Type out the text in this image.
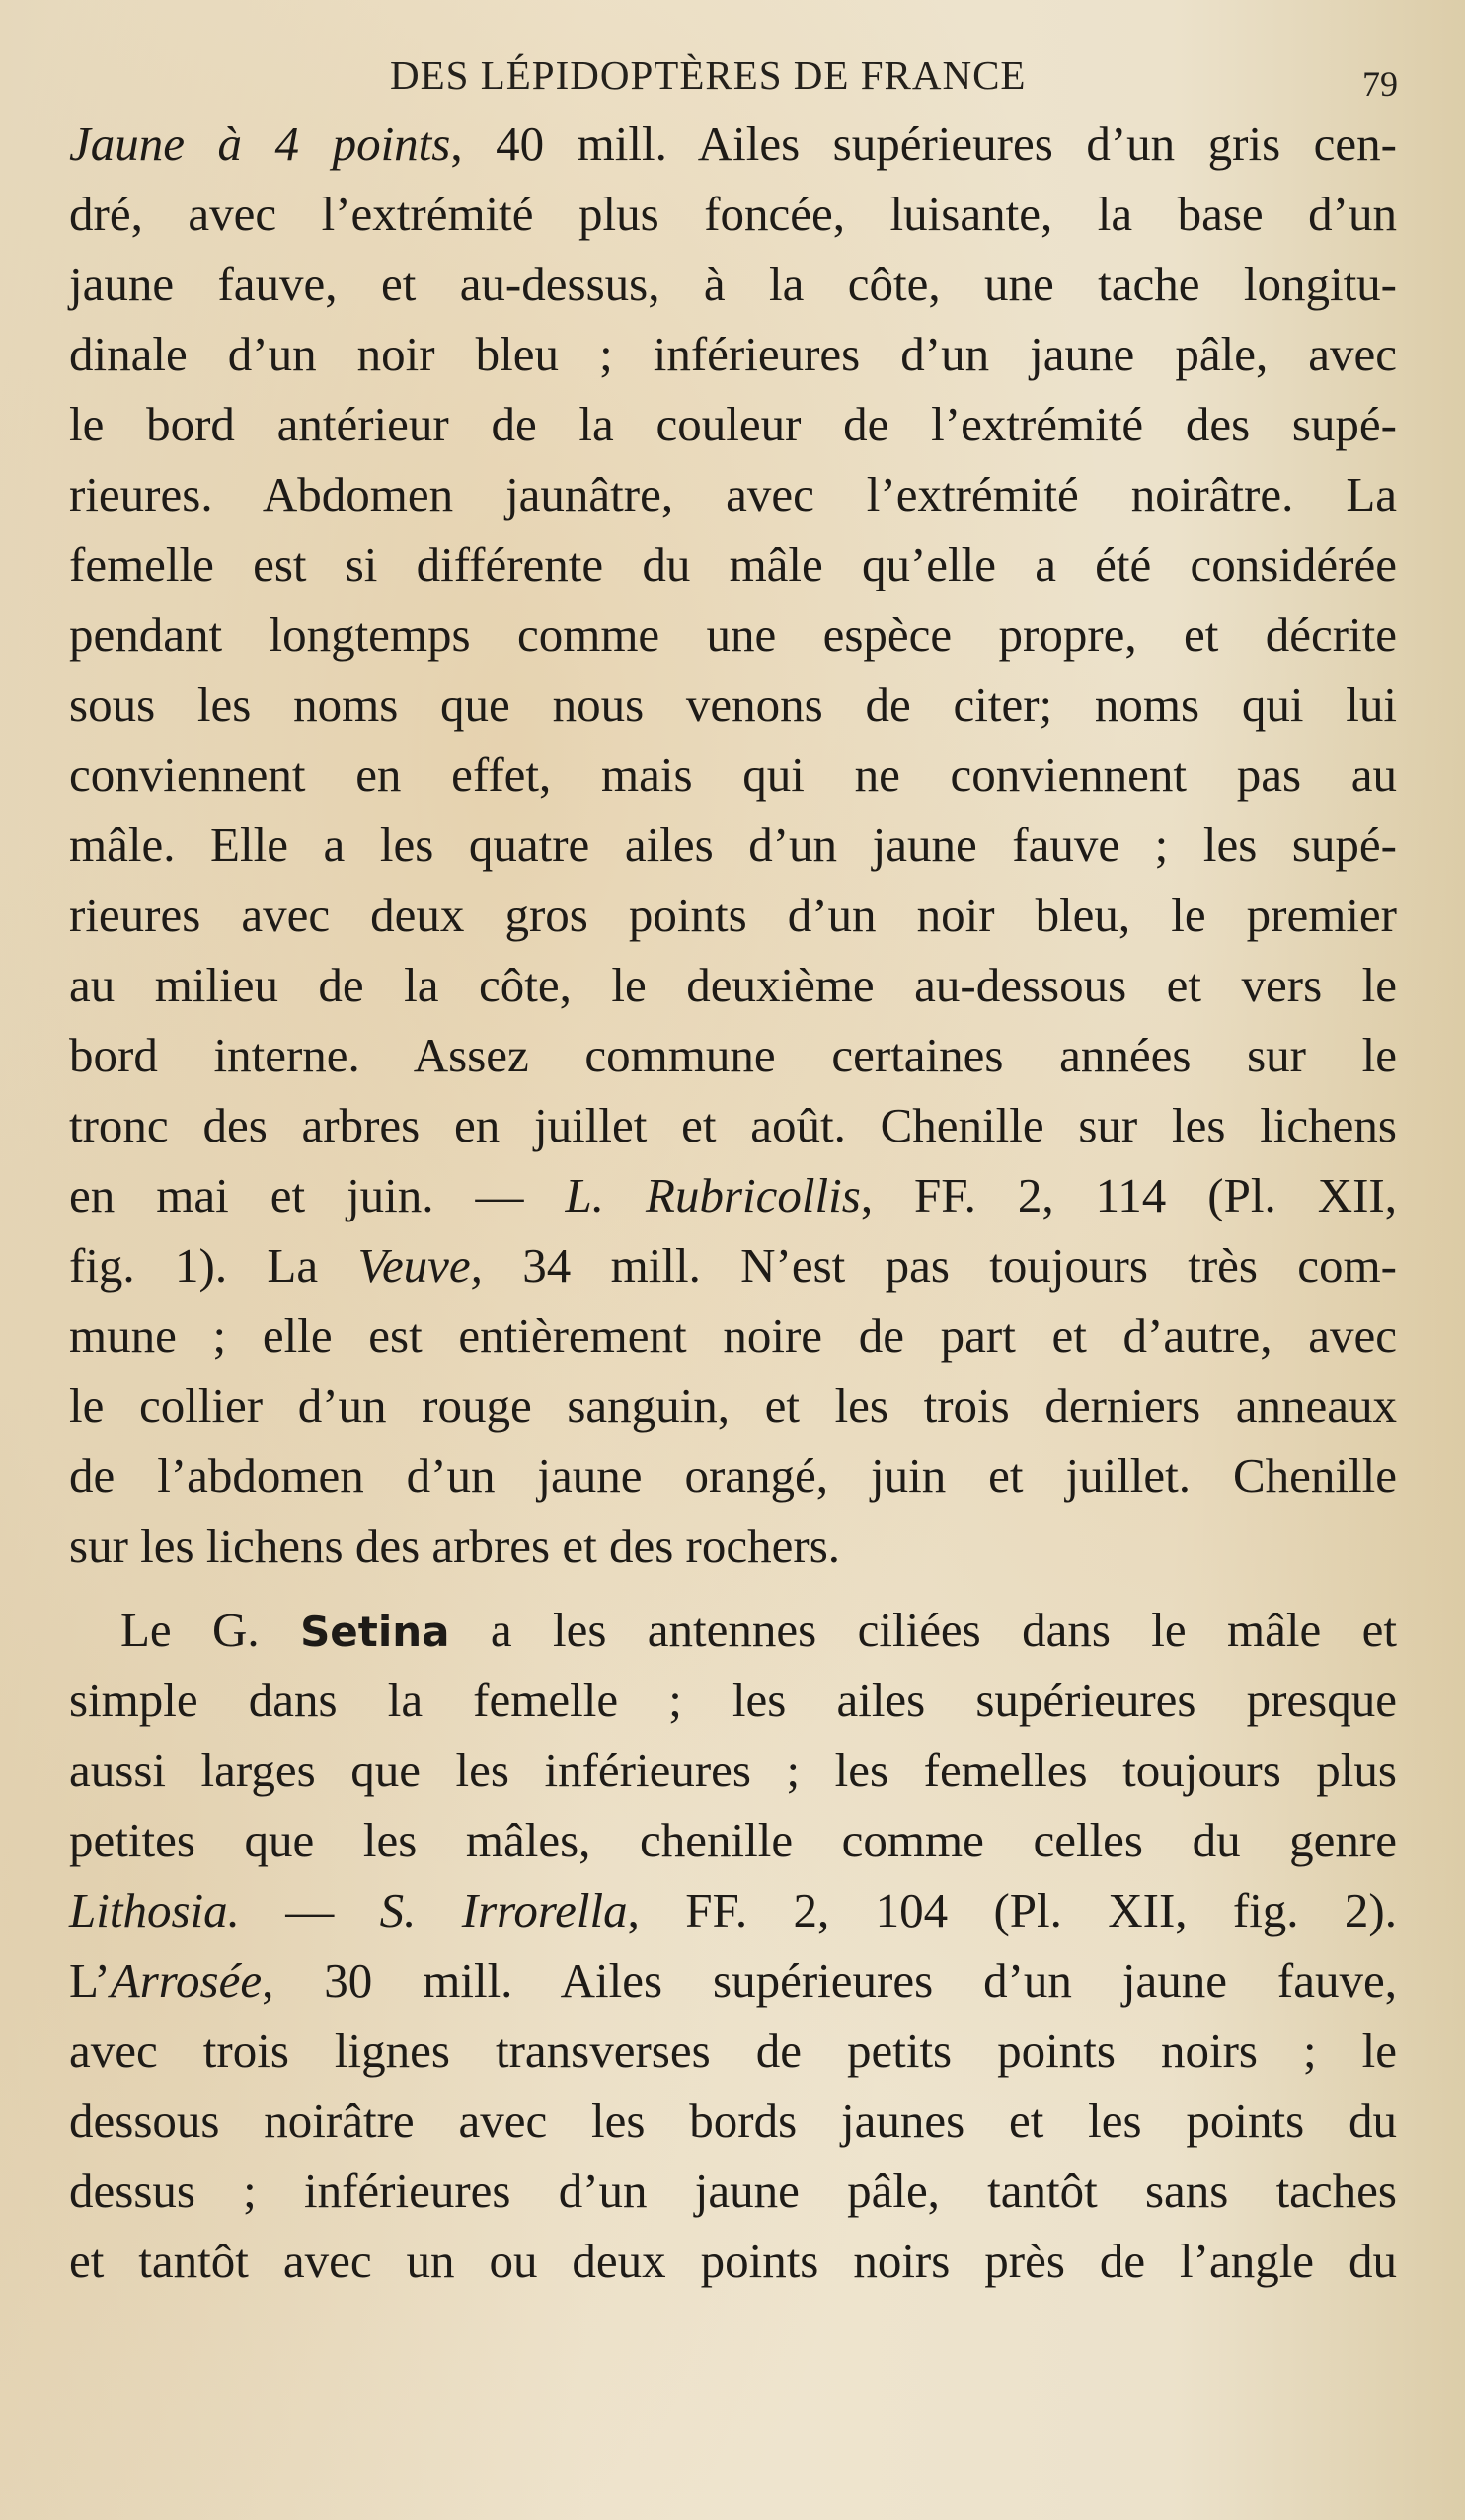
DES LÉPIDOPTÈRES DE FRANCE	79
Jaune à 4 points, 40 mill. Ailes supérieures d’un gris cen-
dré, avec l’extrémité plus foncée, luisante, la base d’un
jaune fauve, et au-dessus, à la côte, une tache longitu-
dinale d’un noir bleu ; inférieures d’un jaune pâle, avec
le bord antérieur de la couleur de l’extrémité des supé-
rieures. Abdomen jaunâtre, avec l’extrémité noirâtre. La
femelle est si différente du mâle qu’elle a été considérée
pendant longtemps comme une espèce propre, et décrite
sous les noms que nous venons de citer; noms qui lui
conviennent en effet, mais qui ne conviennent pas au
mâle. Elle a les quatre ailes d’un jaune fauve ; les supé-
rieures avec deux gros points d’un noir bleu, le premier
au milieu de la côte, le deuxième au-dessous et vers le
bord interne. Assez commune certaines années sur le
tronc des arbres en juillet et août. Chenille sur les lichens
en mai et juin. — L. Rubricollis, FF. 2, 114 (Pl. XII,
fig. 1). La Veuve, 34 mill. N’est pas toujours très com-
mune ; elle est entièrement noire de part et d’autre, avec
le collier d’un rouge sanguin, et les trois derniers anneaux
de l’abdomen d’un jaune orangé, juin et juillet. Chenille
sur les lichens des arbres et des rochers.
Le G. Setina a les antennes ciliées dans le mâle et
simple dans la femelle ; les ailes supérieures presque
aussi larges que les inférieures ; les femelles toujours plus
petites que les mâles, chenille comme celles du genre
Lithosia. — S. Irrorella, FF. 2, 104 (Pl. XII, fig. 2).
L’Arrosée, 30 mill. Ailes supérieures d’un jaune fauve,
avec trois lignes transverses de petits points noirs ; le
dessous noirâtre avec les bords jaunes et les points du
dessus ; inférieures d’un jaune pâle, tantôt sans taches
et tantôt avec un ou deux points noirs près de l’angle du
